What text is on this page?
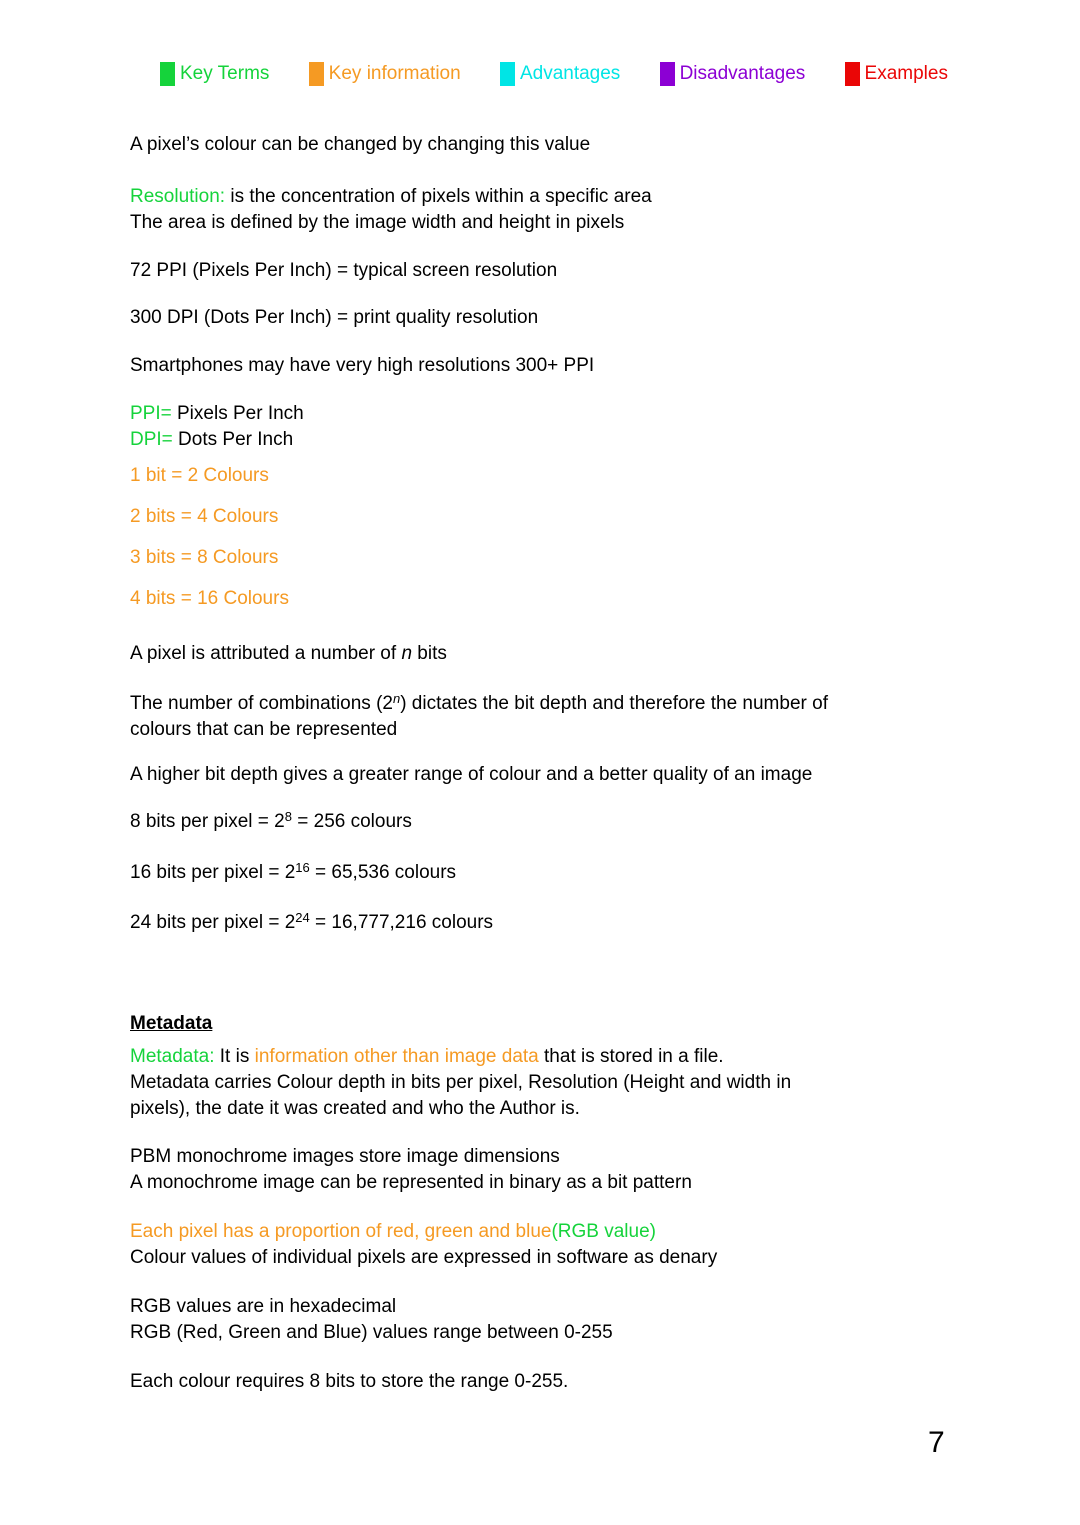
Key Terms	Key information	Advantages	Disadvantages	Examples
A pixel’s colour can be changed by changing this value
Resolution: is the concentration of pixels within a specific area
The area is defined by the image width and height in pixels
72 PPI (Pixels Per Inch) = typical screen resolution
300 DPI (Dots Per Inch) = print quality resolution
Smartphones may have very high resolutions 300+ PPI
PPI= Pixels Per Inch
DPI= Dots Per Inch
1 bit = 2 Colours
2 bits = 4 Colours
3 bits = 8 Colours
4 bits = 16 Colours
A pixel is attributed a number of n bits
The number of combinations (2$^n$) dictates the bit depth and therefore the number of
colours that can be represented
A higher bit depth gives a greater range of colour and a better quality of an image
8 bits per pixel = $2^8 = 256$ colours
16 bits per pixel = $2^{16} = 65,536$ colours
24 bits per pixel = $2^{24} = 16,777,216$ colours
Metadata
Metadata: It is information other than image data that is stored in a file.
Metadata carries Colour depth in bits per pixel, Resolution (Height and width in
pixels), the date it was created and who the Author is.
PBM monochrome images store image dimensions
A monochrome image can be represented in binary as a bit pattern
Each pixel has a proportion of red, green and blue(RGB value)
Colour values of individual pixels are expressed in software as denary
RGB values are in hexadecimal
RGB (Red, Green and Blue) values range between 0-255
Each colour requires 8 bits to store the range 0-255.
7
